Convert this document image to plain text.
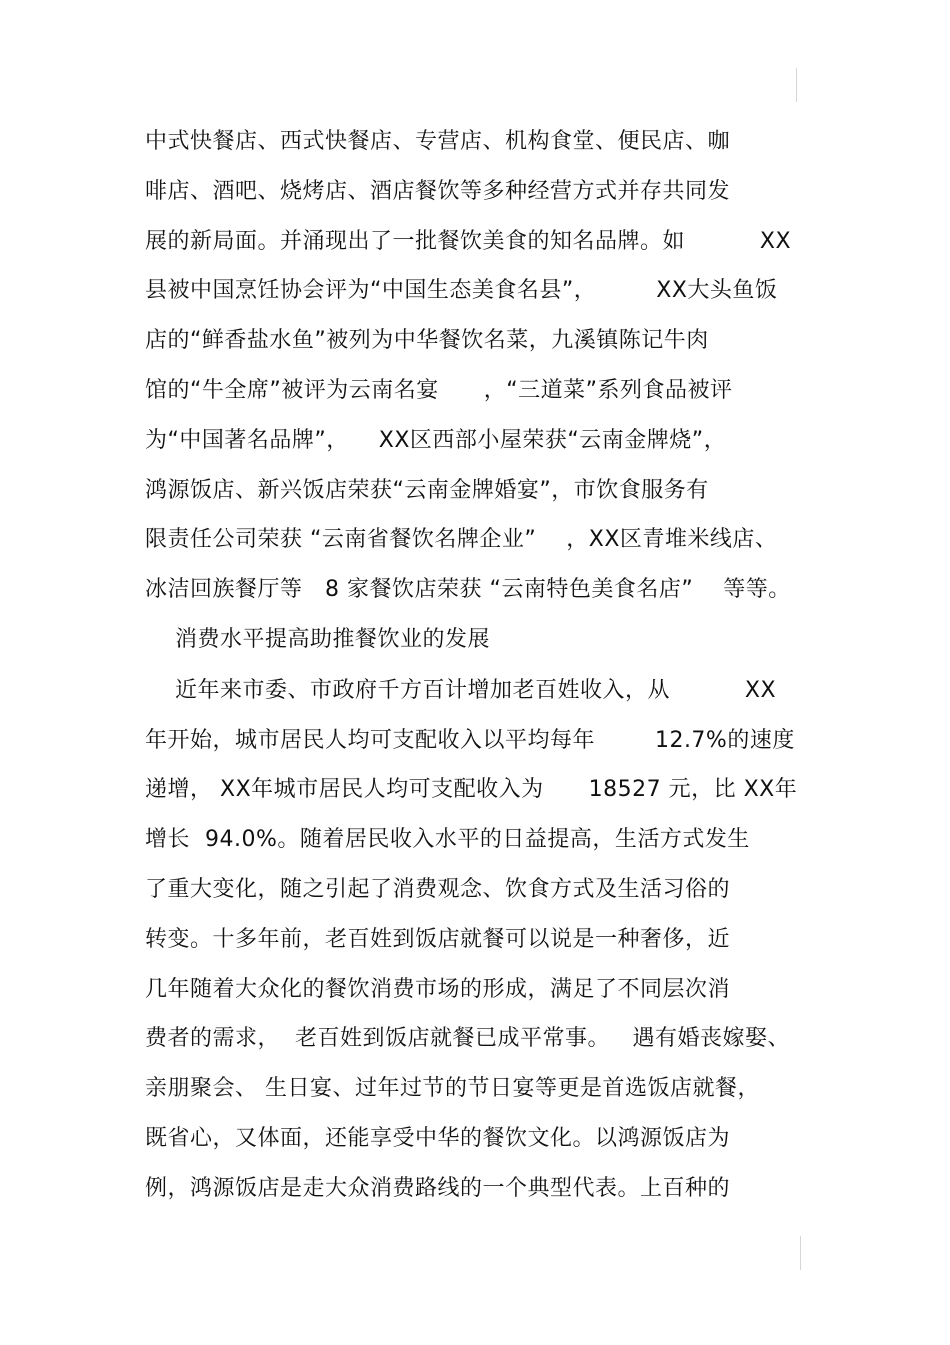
中式快餐店、西式快餐店、专营店、机构食堂、便民店、咖
啡店、酒吧、烧烤店、酒店餐饮等多种经营方式并存共同发
展的新局面。并涌现出了一批餐饮美食的知名品牌。如          XX
县被中国烹饪协会评为“中国生态美食名县”，        XX大头鱼饭
店的“鲜香盐水鱼”被列为中华餐饮名菜，九溪镇陈记牛肉
馆的“牛全席”被评为云南名宴      ，“三道菜”系列食品被评
为“中国著名品牌”，    XX区西部小屋荣获“云南金牌烧”，
鸿源饭店、新兴饭店荣获“云南金牌婚宴”，市饮食服务有
限责任公司荣获 “云南省餐饮名牌企业”    ，XX区青堆米线店、
冰洁回族餐厅等   8 家餐饮店荣获 “云南特色美食名店”    等等。
消费水平提高助推餐饮业的发展
近年来市委、市政府千方百计增加老百姓收入，从          XX
年开始，城市居民人均可支配收入以平均每年        12.7%的速度
递增， XX年城市居民人均可支配收入为      18527 元，比 XX年
增长  94.0%。随着居民收入水平的日益提高，生活方式发生
了重大变化，随之引起了消费观念、饮食方式及生活习俗的
转变。十多年前，老百姓到饭店就餐可以说是一种奢侈，近
几年随着大众化的餐饮消费市场的形成，满足了不同层次消
费者的需求，  老百姓到饭店就餐已成平常事。   遇有婚丧嫁娶、
亲朋聚会、 生日宴、过年过节的节日宴等更是首选饭店就餐，
既省心，又体面，还能享受中华的餐饮文化。以鸿源饭店为
例，鸿源饭店是走大众消费路线的一个典型代表。上百种的
